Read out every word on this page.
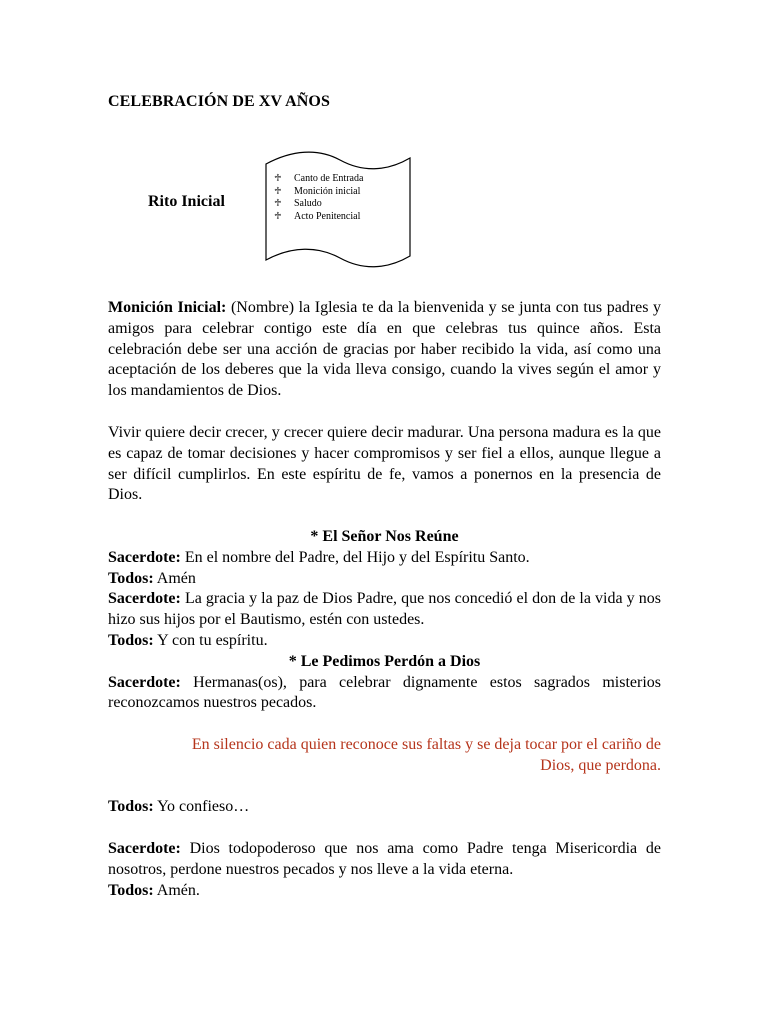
CELEBRACIÓN DE XV AÑOS
Rito Inicial
♱	Canto de Entrada
♱	Monición inicial
♱	Saludo
♱	Acto Penitencial
Monición Inicial: (Nombre) la Iglesia te da la bienvenida y se junta con tus padres y amigos para celebrar contigo este día en que celebras tus quince años. Esta celebración debe ser una acción de gracias por haber recibido la vida, así como una aceptación de los deberes que la vida lleva consigo, cuando la vives según el amor y los mandamientos de Dios.
Vivir quiere decir crecer, y crecer quiere decir madurar. Una persona madura es la que es capaz de tomar decisiones y hacer compromisos y ser fiel a ellos, aunque llegue a ser difícil cumplirlos. En este espíritu de fe, vamos a ponernos en la presencia de Dios.
* El Señor Nos Reúne
Sacerdote: En el nombre del Padre, del Hijo y del Espíritu Santo.
Todos: Amén
Sacerdote: La gracia y la paz de Dios Padre, que nos concedió el don de la vida y nos hizo sus hijos por el Bautismo, estén con ustedes.
Todos: Y con tu espíritu.
* Le Pedimos Perdón a Dios
Sacerdote: Hermanas(os), para celebrar dignamente estos sagrados misterios reconozcamos nuestros pecados.
En silencio cada quien reconoce sus faltas y se deja tocar por el cariño de
Dios, que perdona.
Todos: Yo confieso…
Sacerdote: Dios todopoderoso que nos ama como Padre tenga Misericordia de nosotros, perdone nuestros pecados y nos lleve a la vida eterna.
Todos: Amén.
